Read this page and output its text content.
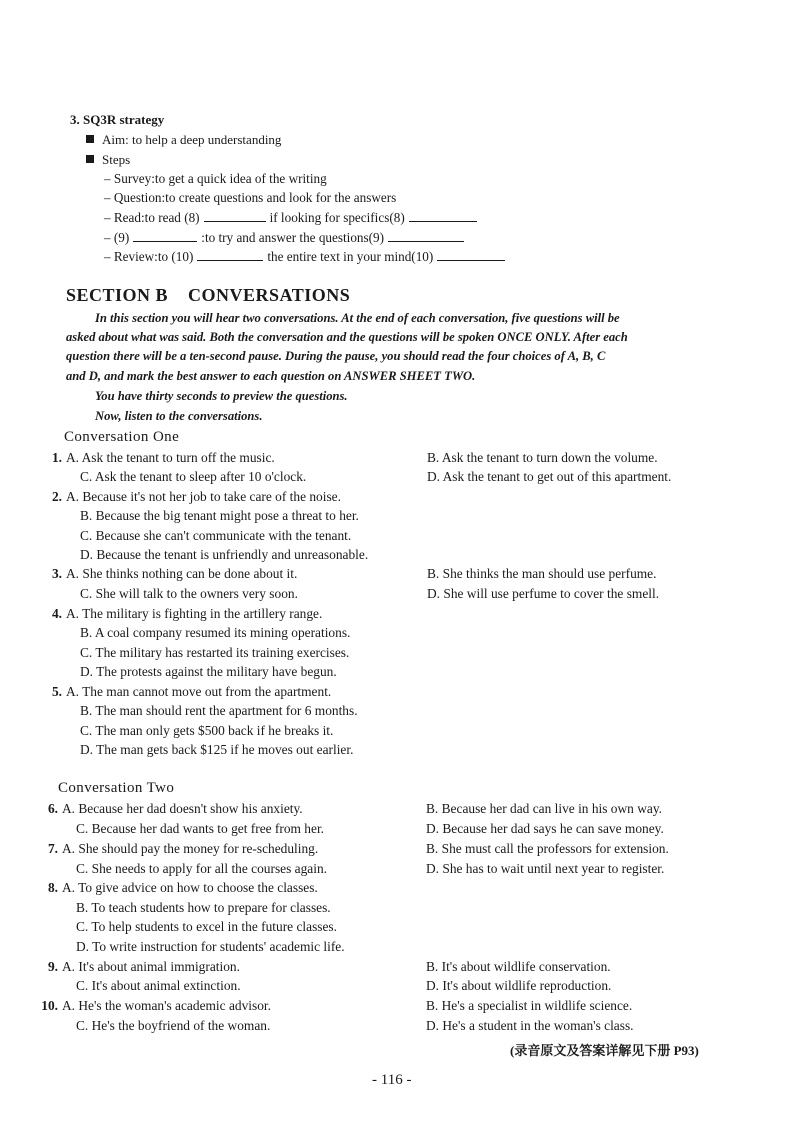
3. SQ3R strategy
Aim: to help a deep understanding
Steps
– Survey:to get a quick idea of the writing
– Question:to create questions and look for the answers
– Read:to read (8)	if looking for specifics(8)
– (9)	:to try and answer the questions(9)
– Review:to (10)	the entire text in your mind(10)
SECTION B    CONVERSATIONS
In this section you will hear two conversations. At the end of each conversation, five questions will be
asked about what was said. Both the conversation and the questions will be spoken ONCE ONLY. After each
question there will be a ten-second pause. During the pause, you should read the four choices of A, B, C
and D, and mark the best answer to each question on ANSWER SHEET TWO.
You have thirty seconds to preview the questions.
Now, listen to the conversations.
Conversation One
1. A. Ask the tenant to turn off the music.	B. Ask the tenant to turn down the volume.
C. Ask the tenant to sleep after 10 o'clock.	D. Ask the tenant to get out of this apartment.
2. A. Because it's not her job to take care of the noise.
B. Because the big tenant might pose a threat to her.
C. Because she can't communicate with the tenant.
D. Because the tenant is unfriendly and unreasonable.
3. A. She thinks nothing can be done about it.	B. She thinks the man should use perfume.
C. She will talk to the owners very soon.	D. She will use perfume to cover the smell.
4. A. The military is fighting in the artillery range.
B. A coal company resumed its mining operations.
C. The military has restarted its training exercises.
D. The protests against the military have begun.
5. A. The man cannot move out from the apartment.
B. The man should rent the apartment for 6 months.
C. The man only gets $500 back if he breaks it.
D. The man gets back $125 if he moves out earlier.
Conversation Two
6. A. Because her dad doesn't show his anxiety.	B. Because her dad can live in his own way.
C. Because her dad wants to get free from her.	D. Because her dad says he can save money.
7. A. She should pay the money for re-scheduling.	B. She must call the professors for extension.
C. She needs to apply for all the courses again.	D. She has to wait until next year to register.
8. A. To give advice on how to choose the classes.
B. To teach students how to prepare for classes.
C. To help students to excel in the future classes.
D. To write instruction for students' academic life.
9. A. It's about animal immigration.	B. It's about wildlife conservation.
C. It's about animal extinction.	D. It's about wildlife reproduction.
10. A. He's the woman's academic advisor.	B. He's a specialist in wildlife science.
C. He's the boyfriend of the woman.	D. He's a student in the woman's class.
(录音原文及答案详解见下册 P93)
- 116 -
